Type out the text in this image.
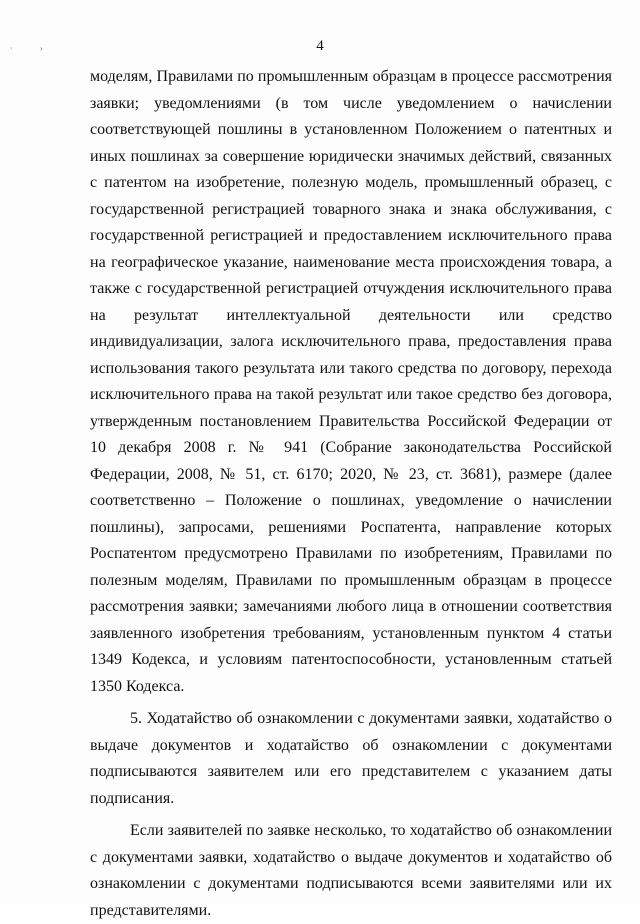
·	›	4

моделям, Правилами по промышленным образцам в процессе рассмотрения заявки; уведомлениями (в том числе уведомлением о начислении соответствующей пошлины в установленном Положением о патентных и иных пошлинах за совершение юридически значимых действий, связанных с патентом на изобретение, полезную модель, промышленный образец, с государственной регистрацией товарного знака и знака обслуживания, с государственной регистрацией и предоставлением исключительного права на географическое указание, наименование места происхождения товара, а также с государственной регистрацией отчуждения исключительного права на результат интеллектуальной деятельности или средство индивидуализации, залога исключительного права, предоставления права использования такого результата или такого средства по договору, перехода исключительного права на такой результат или такое средство без договора, утвержденным постановлением Правительства Российской Федерации от 10 декабря 2008 г. № 941 (Собрание законодательства Российской Федерации, 2008, № 51, ст. 6170; 2020, № 23, ст. 3681), размере (далее соответственно – Положение о пошлинах, уведомление о начислении пошлины), запросами, решениями Роспатента, направление которых Роспатентом предусмотрено Правилами по изобретениям, Правилами по полезным моделям, Правилами по промышленным образцам в процессе рассмотрения заявки; замечаниями любого лица в отношении соответствия заявленного изобретения требованиям, установленным пунктом 4 статьи 1349 Кодекса, и условиям патентоспособности, установленным статьей 1350 Кодекса.

5. Ходатайство об ознакомлении с документами заявки, ходатайство о выдаче документов и ходатайство об ознакомлении с документами подписываются заявителем или его представителем с указанием даты подписания.

Если заявителей по заявке несколько, то ходатайство об ознакомлении с документами заявки, ходатайство о выдаче документов и ходатайство об ознакомлении с документами подписываются всеми заявителями или их представителями.
